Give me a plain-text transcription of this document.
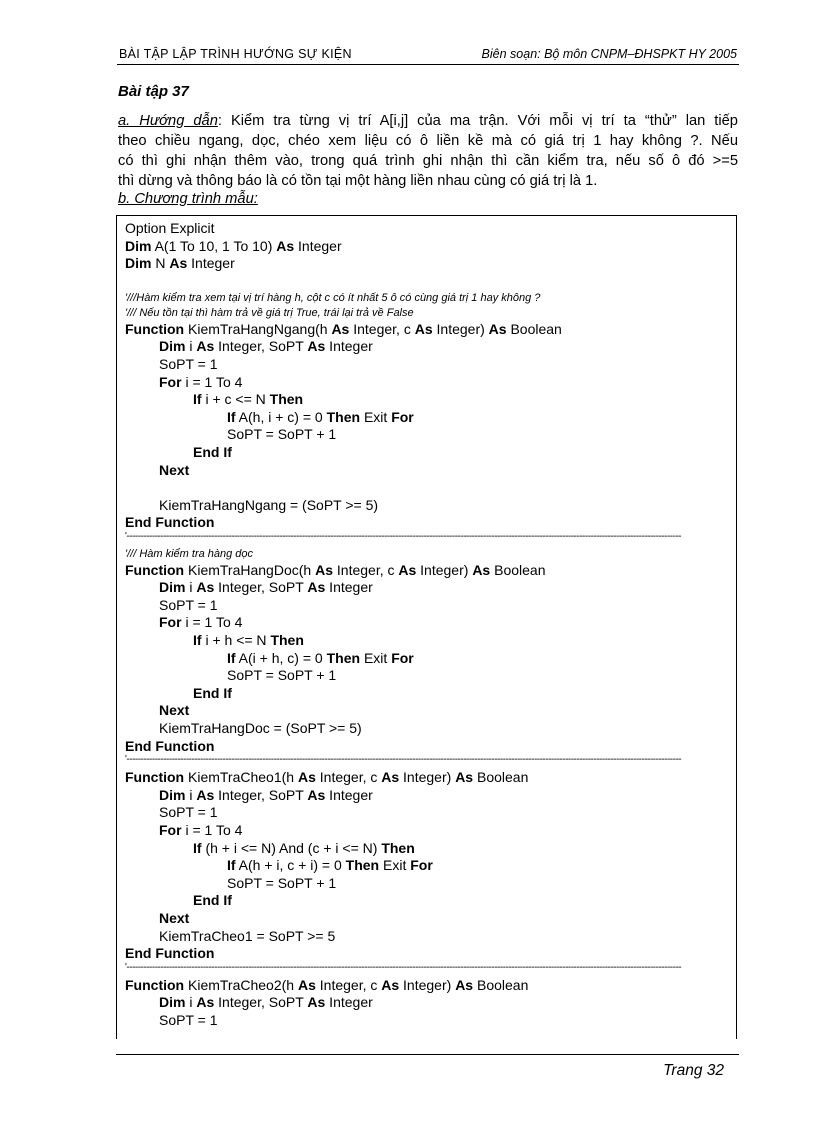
BÀI TẬP LẬP TRÌNH HƯỚNG SỰ KIỆN	Biên soạn: Bộ môn CNPM–ĐHSPKT HY 2005
Bài tập 37

a. Hướng dẫn: Kiểm tra từng vị trí A[i,j] của ma trận. Với mỗi vị trí ta “thử” lan tiếp

theo chiều ngang, dọc, chéo xem liệu có ô liền kề mà có giá trị 1 hay không ?. Nếu

có thì ghi nhận thêm vào, trong quá trình ghi nhận thì cần kiểm tra, nếu số ô đó >=5

thì dừng và thông báo là có tồn tại một hàng liền nhau cùng có giá trị là 1.

b. Chương trình mẫu:
Option Explicit
Dim A(1 To 10, 1 To 10) As Integer
Dim N As Integer
'///Hàm kiểm tra xem tại vị trí hàng h, cột c có ít nhất 5 ô có cùng giá trị 1 hay không ?
'/// Nếu tồn tại thì hàm trả về giá trị True, trái lại trả về False
Function KiemTraHangNgang(h As Integer, c As Integer) As Boolean
Dim i As Integer, SoPT As Integer
SoPT = 1
For i = 1 To 4
If i + c <= N Then
If A(h, i + c) = 0 Then Exit For
SoPT = SoPT + 1
End If
Next
KiemTraHangNgang = (SoPT >= 5)
End Function
'----------------------------------------------------------------------------------------------------------------------------------------------------------------------------------------------------
'/// Hàm kiểm tra hàng dọc
Function KiemTraHangDoc(h As Integer, c As Integer) As Boolean
Dim i As Integer, SoPT As Integer
SoPT = 1
For i = 1 To 4
If i + h <= N Then
If A(i + h, c) = 0 Then Exit For
SoPT = SoPT + 1
End If
Next
KiemTraHangDoc = (SoPT >= 5)
End Function
'----------------------------------------------------------------------------------------------------------------------------------------------------------------------------------------------------
Function KiemTraCheo1(h As Integer, c As Integer) As Boolean
Dim i As Integer, SoPT As Integer
SoPT = 1
For i = 1 To 4
If (h + i <= N) And (c + i <= N) Then
If A(h + i, c + i) = 0 Then Exit For
SoPT = SoPT + 1
End If
Next
KiemTraCheo1 = SoPT >= 5
End Function
'----------------------------------------------------------------------------------------------------------------------------------------------------------------------------------------------------
Function KiemTraCheo2(h As Integer, c As Integer) As Boolean
Dim i As Integer, SoPT As Integer
SoPT = 1
Trang 32
